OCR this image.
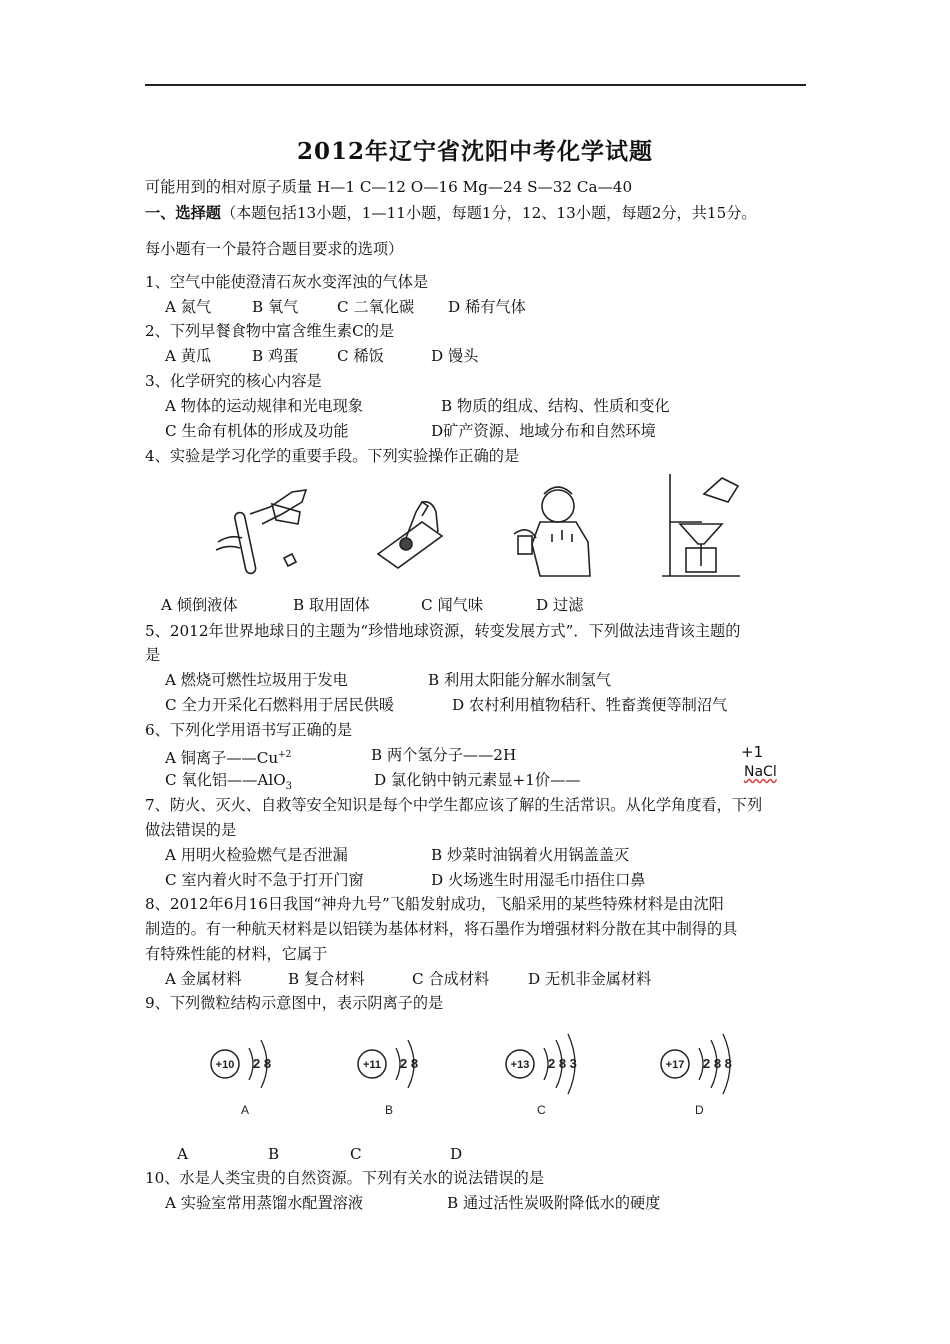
2012年辽宁省沈阳中考化学试题
可能用到的相对原子质量 H—1 C—12 O—16 Mg—24 S—32 Ca—40
一、选择题（本题包括13小题，1—11小题，每题1分，12、13小题，每题2分，共15分。
每小题有一个最符合题目要求的选项）
1、空气中能使澄清石灰水变浑浊的气体是
A 氮气	B 氧气	C 二氧化碳 D 稀有气体
2、下列早餐食物中富含维生素C的是
A 黄瓜	B 鸡蛋	C 稀饭	D 馒头
3、化学研究的核心内容是
A 物体的运动规律和光电现象	B 物质的组成、结构、性质和变化
C 生命有机体的形成及功能	D矿产资源、地域分布和自然环境
4、实验是学习化学的重要手段。下列实验操作正确的是
A 倾倒液体	B 取用固体	C 闻气味	D 过滤
5、2012年世界地球日的主题为“珍惜地球资源，转变发展方式”．下列做法违背该主题的
是
A 燃烧可燃性垃圾用于发电	B 利用太阳能分解水制氢气
C 全力开采化石燃料用于居民供暖	D 农村利用植物秸秆、牲畜粪便等制沼气
6、下列化学用语书写正确的是
A 铜离子$——Cu^{+2}$	B 两个氢分子——2H
C 氧化铝——AlO$_3$	D 氯化钠中钠元素显+1价——
+1
NaCl
7、防火、灭火、自救等安全知识是每个中学生都应该了解的生活常识。从化学角度看，下列
做法错误的是
A 用明火检验燃气是否泄漏	B 炒菜时油锅着火用锅盖盖灭
C 室内着火时不急于打开门窗	D 火场逃生时用湿毛巾捂住口鼻
8、2012年6月16日我国“神舟九号”飞船发射成功，飞船采用的某些特殊材料是由沈阳
制造的。有一种航天材料是以铝镁为基体材料，将石墨作为增强材料分散在其中制得的具
有特殊性能的材料，它属于
A 金属材料	B 复合材料	C 合成材料	D 无机非金属材料
9、下列微粒结构示意图中，表示阴离子的是
+10 2 8
A
+11 2 8
B
+13 2 8 3
C
+17 2 8 8
D
A	B	C	D
10、水是人类宝贵的自然资源。下列有关水的说法错误的是
A 实验室常用蒸馏水配置溶液	B 通过活性炭吸附降低水的硬度
